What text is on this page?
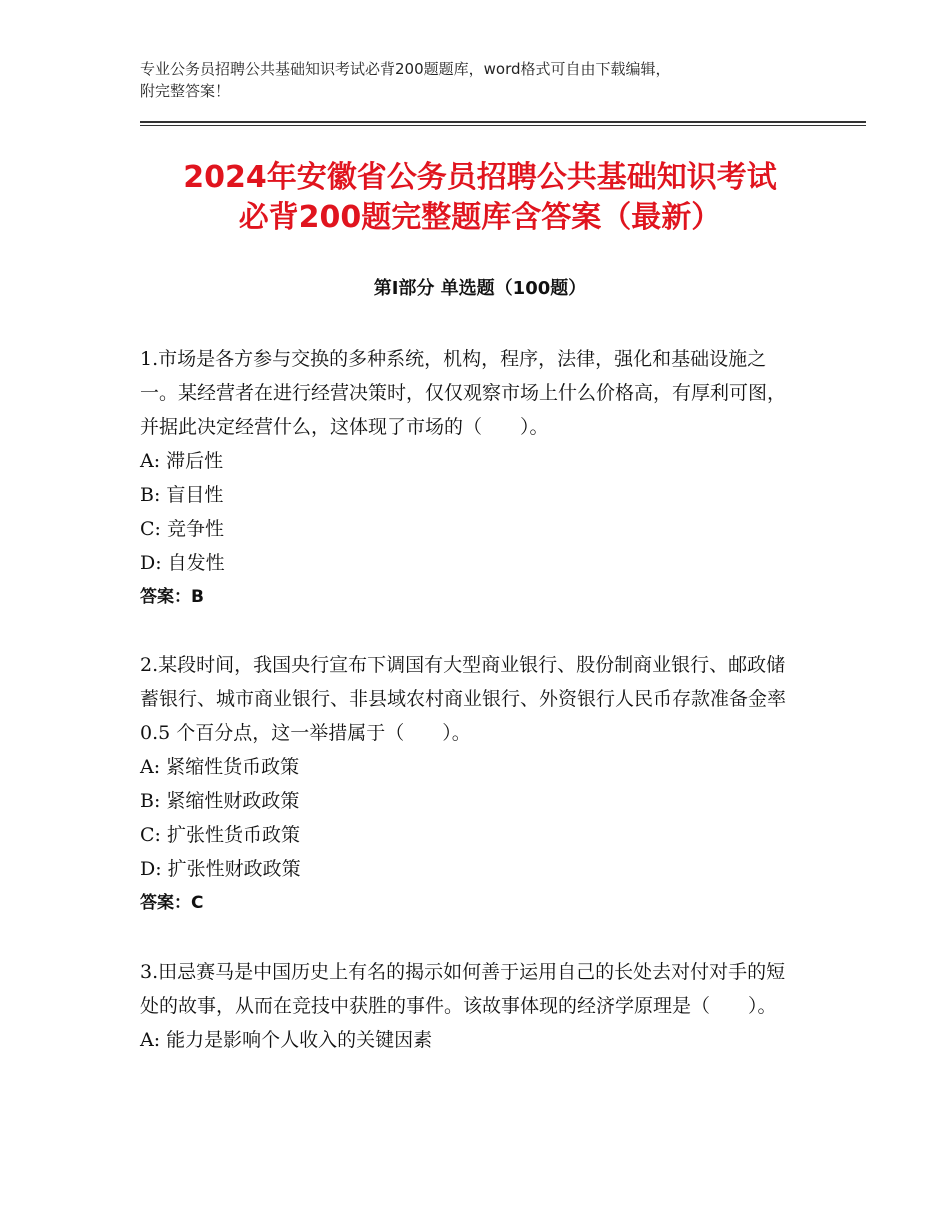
专业公务员招聘公共基础知识考试必背200题题库，word格式可自由下载编辑，
附完整答案！
2024年安徽省公务员招聘公共基础知识考试
必背200题完整题库含答案（最新）
第Ⅰ部分 单选题（100题）

1.市场是各方参与交换的多种系统，机构，程序，法律，强化和基础设施之一。某经营者在进行经营决策时，仅仅观察市场上什么价格高，有厚利可图，并据此决定经营什么，这体现了市场的（　　）。

A: 滞后性

B: 盲目性

C: 竞争性

D: 自发性

答案：B

2.某段时间，我国央行宣布下调国有大型商业银行、股份制商业银行、邮政储蓄银行、城市商业银行、非县域农村商业银行、外资银行人民币存款准备金率 0.5 个百分点，这一举措属于（　　）。

A: 紧缩性货币政策

B: 紧缩性财政政策

C: 扩张性货币政策

D: 扩张性财政政策

答案：C

3.田忌赛马是中国历史上有名的揭示如何善于运用自己的长处去对付对手的短处的故事，从而在竞技中获胜的事件。该故事体现的经济学原理是（　　）。

A: 能力是影响个人收入的关键因素
